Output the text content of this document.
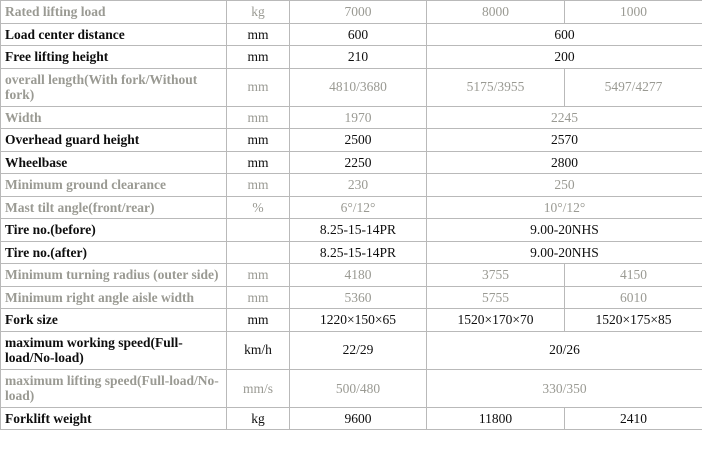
Rated lifting load	kg	7000	8000	1000
Load center distance	mm	600	600	
Free lifting height	mm	210	200	
overall length(With fork/Without fork)	mm	4810/3680	5175/3955	5497/4277
Width	mm	1970	2245	
Overhead guard height	mm	2500	2570	
Wheelbase	mm	2250	2800	
Minimum ground clearance	mm	230	250	
Mast tilt angle(front/rear)	%	6°/12°	10°/12°	
Tire no.(before)		8.25-15-14PR	9.00-20NHS	
Tire no.(after)		8.25-15-14PR	9.00-20NHS	
Minimum turning radius (outer side)	mm	4180	3755	4150
Minimum right angle aisle width	mm	5360	5755	6010
Fork size	mm	1220×150×65	1520×170×70	1520×175×85
maximum working speed(Full-load/No-load)	km/h	22/29	20/26	
maximum lifting speed(Full-load/No-load)	mm/s	500/480	330/350	
Forklift weight	kg	9600	11800	2410
